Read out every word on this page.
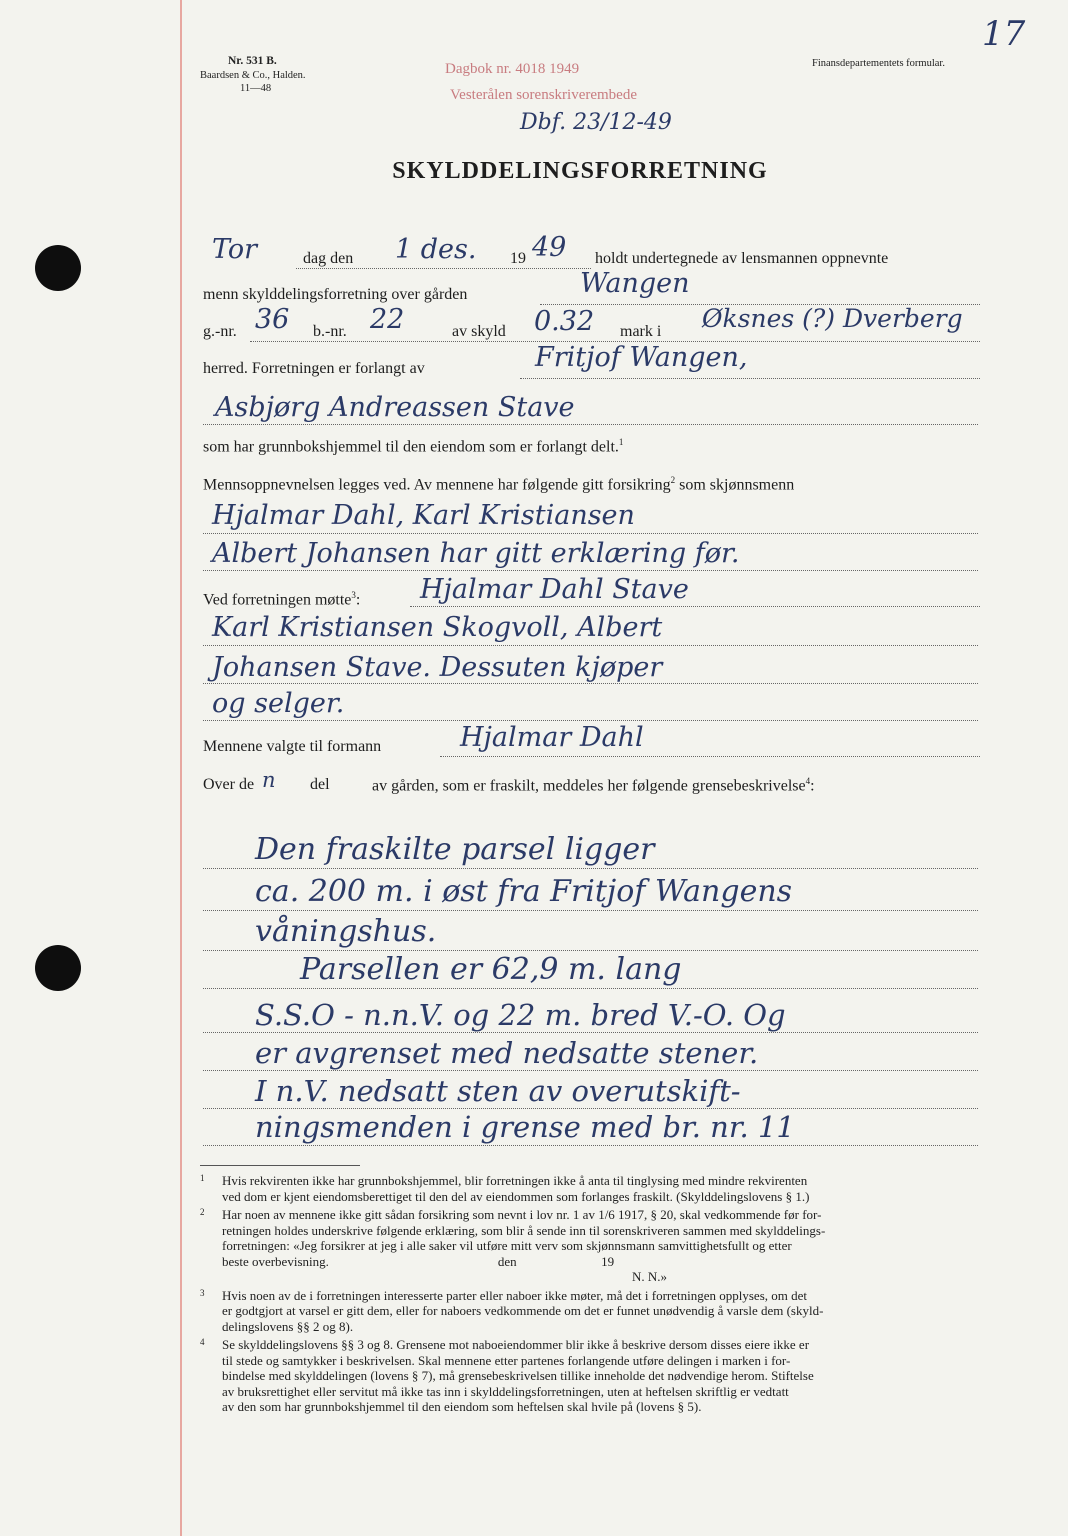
Nr. 531 B.
Baardsen & Co., Halden.
11—48
Finansdepartementets formular.
17
Dagbok nr. 4018 1949
Vesterålen sorenskriverembede
Dbf. 23/12-49
SKYLDDELINGSFORRETNING
Tor	dag den 1 des. 19 49 holdt undertegnede av lensmannen oppnevnte
menn skylddelingsforretning over gården	Wangen
g.-nr. 36 b.-nr. 22	av skyld 0.32 mark i Øksnes (?) Dverberg
herred. Forretningen er forlangt av	Fritjof Wangen,
Asbjørg Andreassen Stave
som har grunnbokshjemmel til den eiendom som er forlangt delt.$^1$
Mennsoppnevnelsen legges ved. Av mennene har følgende gitt forsikring$^2$ som skjønnsmenn
Hjalmar Dahl, Karl Kristiansen
Albert Johansen har gitt erklæring før.
Ved forretningen møtte$^3$: Hjalmar Dahl Stave
Karl Kristiansen Skogvoll, Albert
Johansen Stave. Dessuten kjøper
og selger.
Mennene valgte til formann	Hjalmar Dahl
Over de n del	av gården, som er fraskilt, meddeles her følgende grensebeskrivelse$^4$:
Den fraskilte parsel ligger
ca. 200 m. i øst fra Fritjof Wangens
våningshus.
Parsellen er 62,9 m. lang
S.S.O - n.n.V. og 22 m. bred V.-O. Og
er avgrenset med nedsatte stener.
I n.V. nedsatt sten av overutskift-
ningsmenden i grense med br. nr. 11
1 Hvis rekvirenten ikke har grunnbokshjemmel, blir forretningen ikke å anta til tinglysing med mindre rekvirenten
ved dom er kjent eiendomsberettiget til den del av eiendommen som forlanges fraskilt. (Skylddelingslovens § 1.)
2 Har noen av mennene ikke gitt sådan forsikring som nevnt i lov nr. 1 av 1/6 1917, § 20, skal vedkommende før for-
retningen holdes underskrive følgende erklæring, som blir å sende inn til sorenskriveren sammen med skylddelings-
forretningen: «Jeg forsikrer at jeg i alle saker vil utføre mitt verv som skjønnsmann samvittighetsfullt og etter
beste overbevisning.                                                    den                          19
N. N.»
3 Hvis noen av de i forretningen interesserte parter eller naboer ikke møter, må det i forretningen opplyses, om det
er godtgjort at varsel er gitt dem, eller for naboers vedkommende om det er funnet unødvendig å varsle dem (skyld-
delingslovens §§ 2 og 8).
4 Se skylddelingslovens §§ 3 og 8. Grensene mot naboeiendommer blir ikke å beskrive dersom disses eiere ikke er
til stede og samtykker i beskrivelsen. Skal mennene etter partenes forlangende utføre delingen i marken i for-
bindelse med skylddelingen (lovens § 7), må grensebeskrivelsen tillike inneholde det nødvendige herom. Stiftelse
av bruksrettighet eller servitut må ikke tas inn i skylddelingsforretningen, uten at heftelsen skriftlig er vedtatt
av den som har grunnbokshjemmel til den eiendom som heftelsen skal hvile på (lovens § 5).
